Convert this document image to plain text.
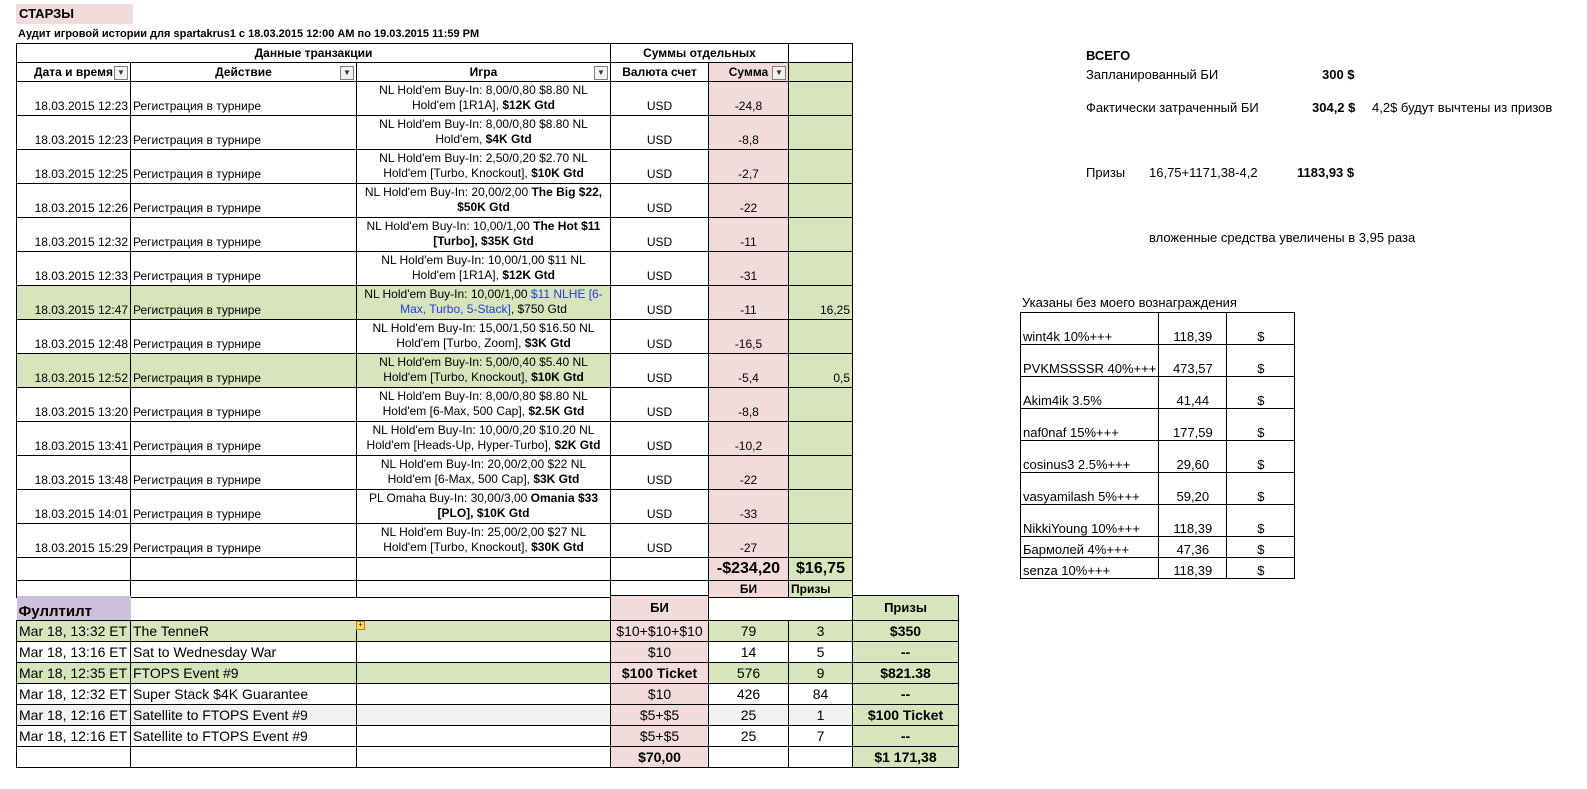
СТАРЗЫ
Аудит игровой истории для spartakrus1 с 18.03.2015 12:00 AM по 19.03.2015 11:59 PM
Данные транзакции			Суммы отдельных		
Дата и время ▼	Действие ▼	Игра ▼	Валюта счет	Сумма ▼	

18.03.2015 12:23	Регистрация в турнире	NL Hold'em Buy-In: 8,00/0,80 $8.80 NL Hold'em [1R1A], $12K Gtd	USD	-24,8	
18.03.2015 12:23	Регистрация в турнире	NL Hold'em Buy-In: 8,00/0,80 $8.80 NL Hold'em, $4K Gtd	USD	-8,8	
18.03.2015 12:25	Регистрация в турнире	NL Hold'em Buy-In: 2,50/0,20 $2.70 NL Hold'em [Turbo, Knockout], $10K Gtd	USD	-2,7	
18.03.2015 12:26	Регистрация в турнире	NL Hold'em Buy-In: 20,00/2,00 The Big $22, $50K Gtd	USD	-22	
18.03.2015 12:32	Регистрация в турнире	NL Hold'em Buy-In: 10,00/1,00 The Hot $11 [Turbo], $35K Gtd	USD	-11	
18.03.2015 12:33	Регистрация в турнире	NL Hold'em Buy-In: 10,00/1,00 $11 NL Hold'em [1R1A], $12K Gtd	USD	-31	
18.03.2015 12:47	Регистрация в турнире	NL Hold'em Buy-In: 10,00/1,00 $11 NLHE [6-Max, Turbo, 5-Stack], $750 Gtd	USD	-11	16,25
18.03.2015 12:48	Регистрация в турнире	NL Hold'em Buy-In: 15,00/1,50 $16.50 NL Hold'em [Turbo, Zoom], $3K Gtd	USD	-16,5	
18.03.2015 12:52	Регистрация в турнире	NL Hold'em Buy-In: 5,00/0,40 $5.40 NL Hold'em [Turbo, Knockout], $10K Gtd	USD	-5,4	0,5
18.03.2015 13:20	Регистрация в турнире	NL Hold'em Buy-In: 8,00/0,80 $8.80 NL Hold'em [6-Max, 500 Cap], $2.5K Gtd	USD	-8,8	
18.03.2015 13:41	Регистрация в турнире	NL Hold'em Buy-In: 10,00/0,20 $10.20 NL Hold'em [Heads-Up, Hyper-Turbo], $2K Gtd	USD	-10,2	
18.03.2015 13:48	Регистрация в турнире	NL Hold'em Buy-In: 20,00/2,00 $22 NL Hold'em [6-Max, 500 Cap], $3K Gtd	USD	-22	
18.03.2015 14:01	Регистрация в турнире	PL Omaha Buy-In: 30,00/3,00 Omania $33 [PLO], $10K Gtd	USD	-33	
18.03.2015 15:29	Регистрация в турнире	NL Hold'em Buy-In: 25,00/2,00 $27 NL Hold'em [Turbo, Knockout], $30K Gtd	USD	-27	
				-$234,20	$16,75
				БИ	Призы
Фуллтилт			БИ			Призы
Mar 18, 13:32 ET	The TenneR		$10+$10+$10	79	3	$350
Mar 18, 13:16 ET	Sat to Wednesday War		$10	14	5	--
Mar 18, 12:35 ET	FTOPS Event #9		$100 Ticket	576	9	$821.38
Mar 18, 12:32 ET	Super Stack $4K Guarantee		$10	426	84	--
Mar 18, 12:16 ET	Satellite to FTOPS Event #9		$5+$5	25	1	$100 Ticket
Mar 18, 12:16 ET	Satellite to FTOPS Event #9		$5+$5	25	7	--
			$70,00			$1 171,38
+
ВСЕГО
Запланированный БИ	300 $
Фактически затраченный БИ	304,2 $ 4,2$ будут вычтены из призов
Призы 16,75+1171,38-4,2	1183,93 $
вложенные средства увеличены в 3,95 раза
Указаны без моего вознаграждения
wint4k 10%+++	118,39	$
PVKMSSSSR 40%+++	473,57	$
Akim4ik 3.5%	41,44	$
naf0naf 15%+++	177,59	$
cosinus3 2.5%+++	29,60	$
vasyamilash 5%+++	59,20	$
NikkiYoung 10%+++	118,39	$
Бармолей 4%+++	47,36	$
senza 10%+++	118,39	$
